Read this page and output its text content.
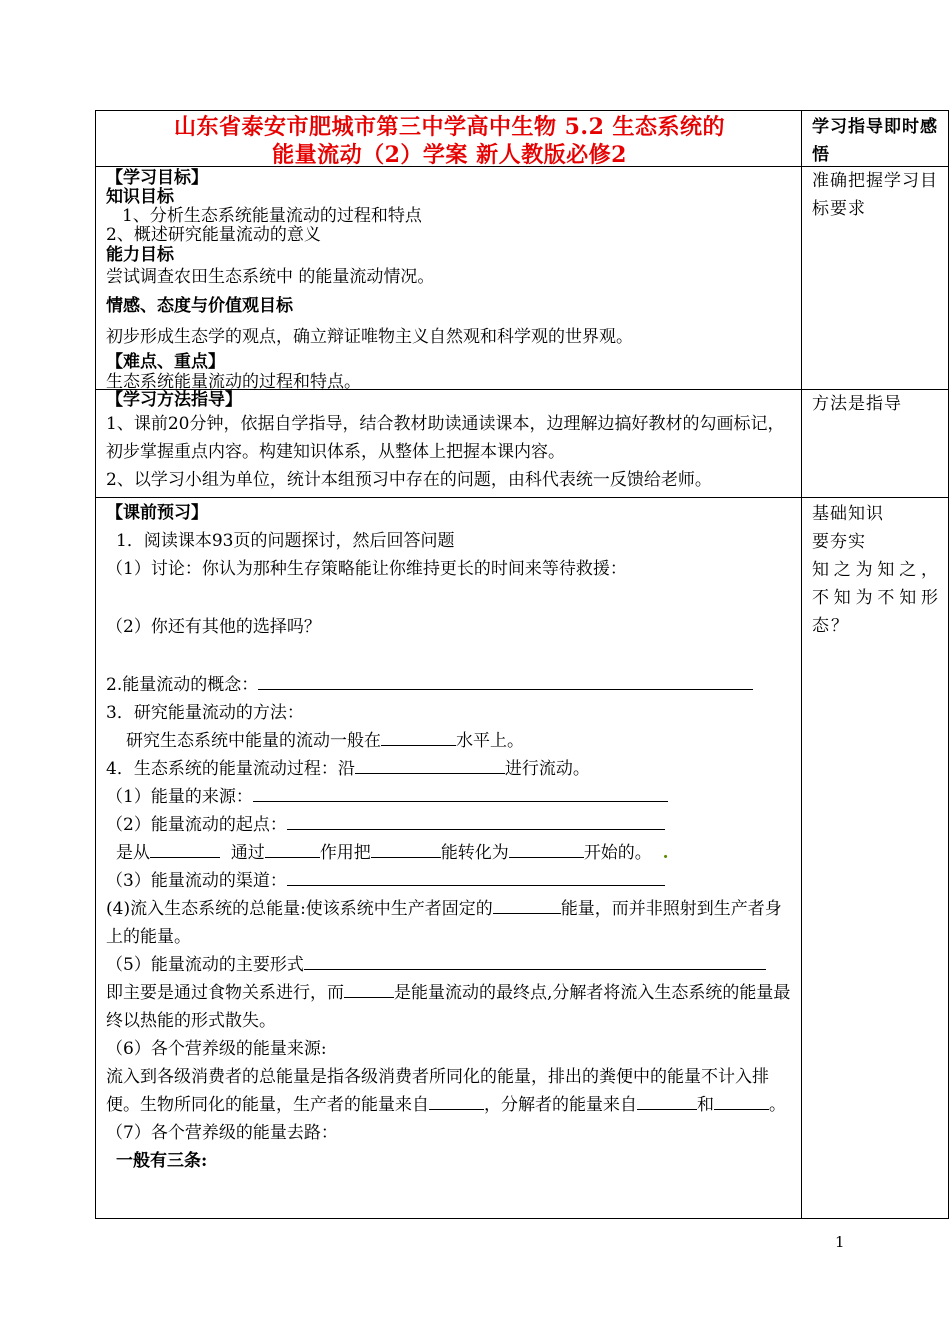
山东省泰安市肥城市第三中学高中生物 5.2 生态系统的
能量流动（2）学案 新人教版必修2
学习指导即时感悟
【学习目标】
知识目标
1、分析生态系统能量流动的过程和特点
2、概述研究能量流动的意义
能力目标
尝试调查农田生态系统中 的能量流动情况。
情感、态度与价值观目标
初步形成生态学的观点，确立辩证唯物主义自然观和科学观的世界观。
【难点、重点】
生态系统能量流动的过程和特点。
准确把握学习目标要求
【学习方法指导】
1、课前20分钟，依据自学指导，结合教材助读通读课本，边理解边搞好教材的勾画标记，初步掌握重点内容。构建知识体系，从整体上把握本课内容。
2、以学习小组为单位，统计本组预习中存在的问题，由科代表统一反馈给老师。
方法是指导
【课前预习】
1．阅读课本93页的问题探讨，然后回答问题
（1）讨论：你认为那种生存策略能让你维持更长的时间来等待救援：
（2）你还有其他的选择吗？
2.能量流动的概念：
3．研究能量流动的方法：
研究生态系统中能量的流动一般在	水平上。
4．生态系统的能量流动过程：沿	进行流动。
（1）能量的来源：
（2）能量流动的起点：
是从	通过	作用把	能转化为	开始的。 .
（3）能量流动的渠道：
(4)流入生态系统的总能量:使该系统中生产者固定的	能量，而并非照射到生产者身上的能量。
（5）能量流动的主要形式
即主要是通过食物关系进行，而	是能量流动的最终点,分解者将流入生态系统的能量最终以热能的形式散失。
（6）各个营养级的能量来源:
流入到各级消费者的总能量是指各级消费者所同化的能量，排出的粪便中的能量不计入排便。生物所同化的能量，生产者的能量来自	，分解者的能量来自	和	。
（7）各个营养级的能量去路：
一般有三条:
基础知识
要夯实
知之为知之，不知为不知形态？
1
